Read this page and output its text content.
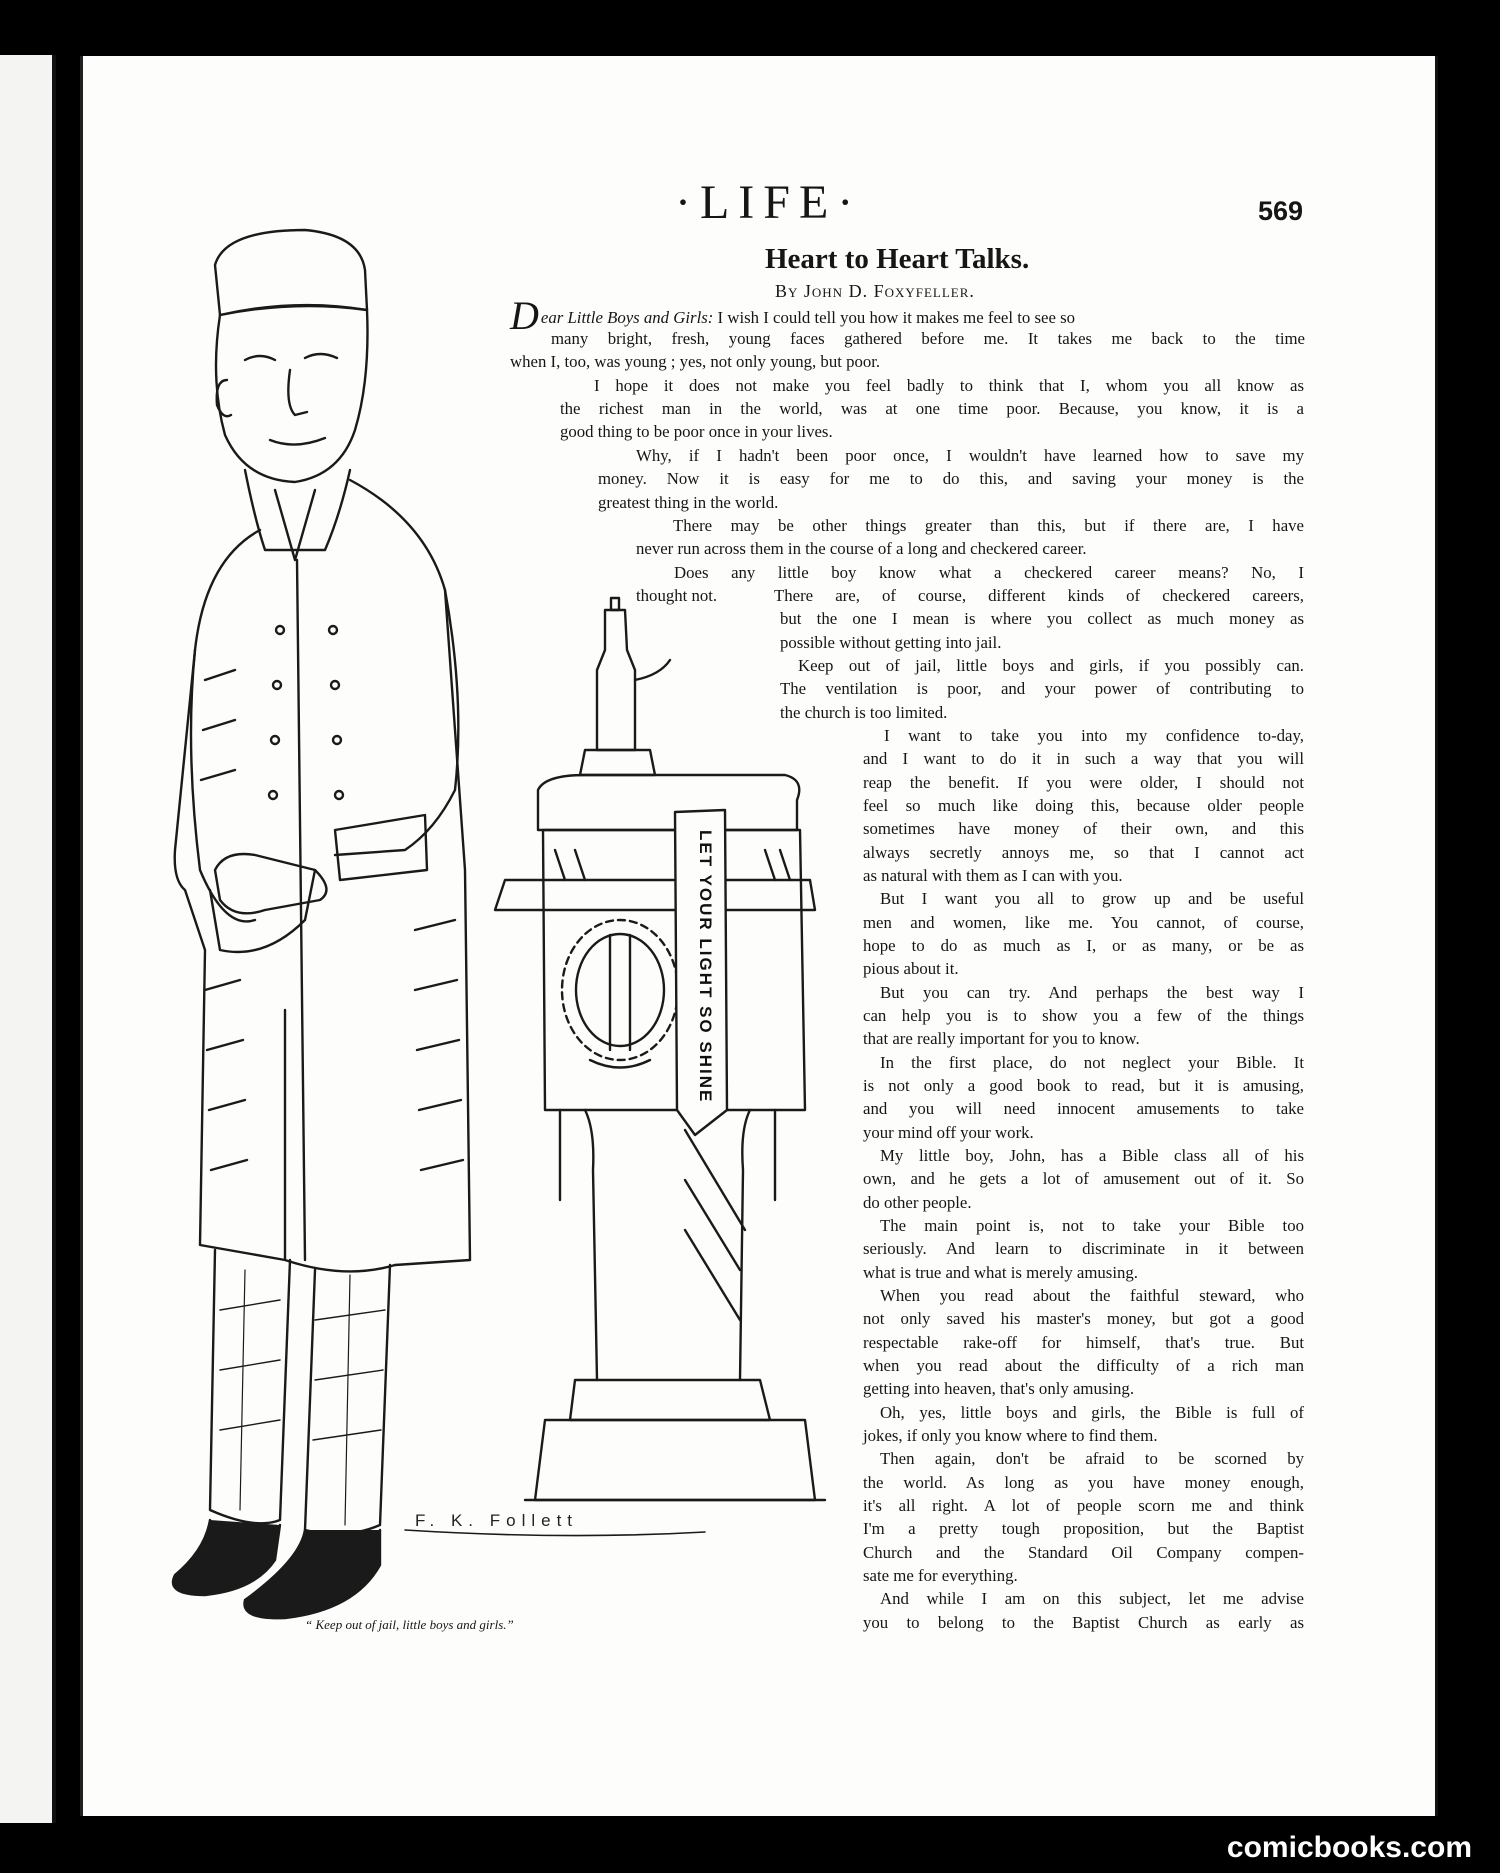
·LIFE·	569
Heart to Heart Talks.
By John D. Foxyfeller.
LET YOUR LIGHT SO SHINE
F. K. Follett
“ Keep out of jail, little boys and girls.”
Dear Little Boys and Girls: I wish I could tell you how it makes me feel to see so
many bright, fresh, young faces gathered before me. It takes me back to the time
when I, too, was young ; yes, not only young, but poor.
I hope it does not make you feel badly to think that I, whom you all know as
the richest man in the world, was at one time poor. Because, you know, it is a
good thing to be poor once in your lives.
Why, if I hadn't been poor once, I wouldn't have learned how to save my
money. Now it is easy for me to do this, and saving your money is the
greatest thing in the world.
There may be other things greater than this, but if there are, I have
never run across them in the course of a long and checkered career.
Does any little boy know what a checkered career means? No, I
thought not.	There are, of course, different kinds of checkered careers,
but the one I mean is where you collect as much money as
possible without getting into jail.
Keep out of jail, little boys and girls, if you possibly can.
The ventilation is poor, and your power of contributing to
the church is too limited.
I want to take you into my confidence to-day,
and I want to do it in such a way that you will
reap the benefit. If you were older, I should not
feel so much like doing this, because older people
sometimes have money of their own, and this
always secretly annoys me, so that I cannot act
as natural with them as I can with you.
But I want you all to grow up and be useful
men and women, like me. You cannot, of course,
hope to do as much as I, or as many, or be as
pious about it.
But you can try. And perhaps the best way I
can help you is to show you a few of the things
that are really important for you to know.
In the first place, do not neglect your Bible. It
is not only a good book to read, but it is amusing,
and you will need innocent amusements to take
your mind off your work.
My little boy, John, has a Bible class all of his
own, and he gets a lot of amusement out of it. So
do other people.
The main point is, not to take your Bible too
seriously. And learn to discriminate in it between
what is true and what is merely amusing.
When you read about the faithful steward, who
not only saved his master's money, but got a good
respectable rake-off for himself, that's true. But
when you read about the difficulty of a rich man
getting into heaven, that's only amusing.
Oh, yes, little boys and girls, the Bible is full of
jokes, if only you know where to find them.
Then again, don't be afraid to be scorned by
the world. As long as you have money enough,
it's all right. A lot of people scorn me and think
I'm a pretty tough proposition, but the Baptist
Church and the Standard Oil Company compen-
sate me for everything.
And while I am on this subject, let me advise
you to belong to the Baptist Church as early as
comicbooks.com
